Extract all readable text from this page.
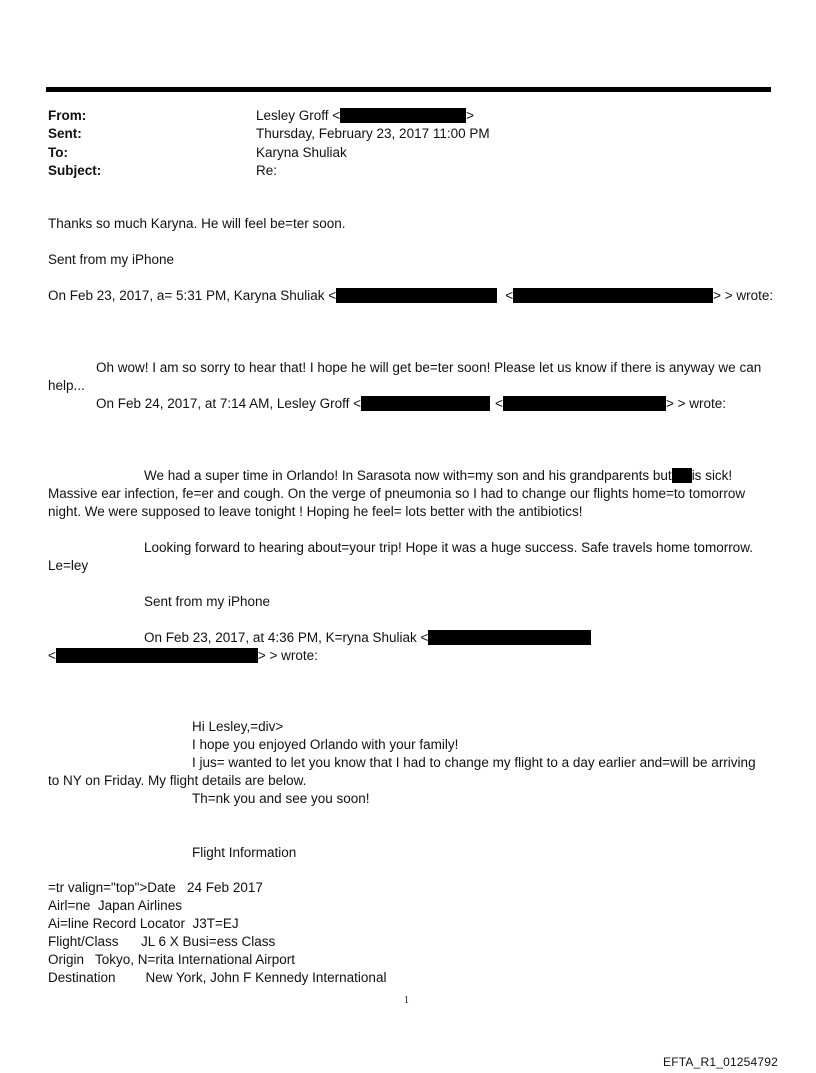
From:	Lesley Groff <	>
Sent:	Thursday, February 23, 2017 11:00 PM
To:	Karyna Shuliak
Subject:	Re:
Thanks so much Karyna. He will feel be=ter soon.
Sent from my iPhone
On Feb 23, 2017, a= 5:31 PM, Karyna Shuliak <	<	> > wrote:
Oh wow! I am so sorry to hear that! I hope he will get be=ter soon! Please let us know if there is anyway we can
help...
On Feb 24, 2017, at 7:14 AM, Lesley Groff <	<	> > wrote:
We had a super time in Orlando! In Sarasota now with=my son and his grandparents but is sick!
Massive ear infection, fe=er and cough. On the verge of pneumonia so I had to change our flights home=to tomorrow
night. We were supposed to leave tonight ! Hoping he feel= lots better with the antibiotics!
Looking forward to hearing about=your trip! Hope it was a huge success. Safe travels home tomorrow.
Le=ley
Sent from my iPhone
On Feb 23, 2017, at 4:36 PM, K=ryna Shuliak <
<	> > wrote:
Hi Lesley,=div>
I hope you enjoyed Orlando with your family!
I jus= wanted to let you know that I had to change my flight to a day earlier and=will be arriving
to NY on Friday. My flight details are below.
Th=nk you and see you soon!
Flight Information
=tr valign="top">Date   24 Feb 2017
Airl=ne  Japan Airlines
Ai=line Record Locator  J3T=EJ
Flight/Class      JL 6 X Busi=ess Class
Origin   Tokyo, N=rita International Airport
Destination        New York, John F Kennedy International
1
EFTA_R1_01254792
